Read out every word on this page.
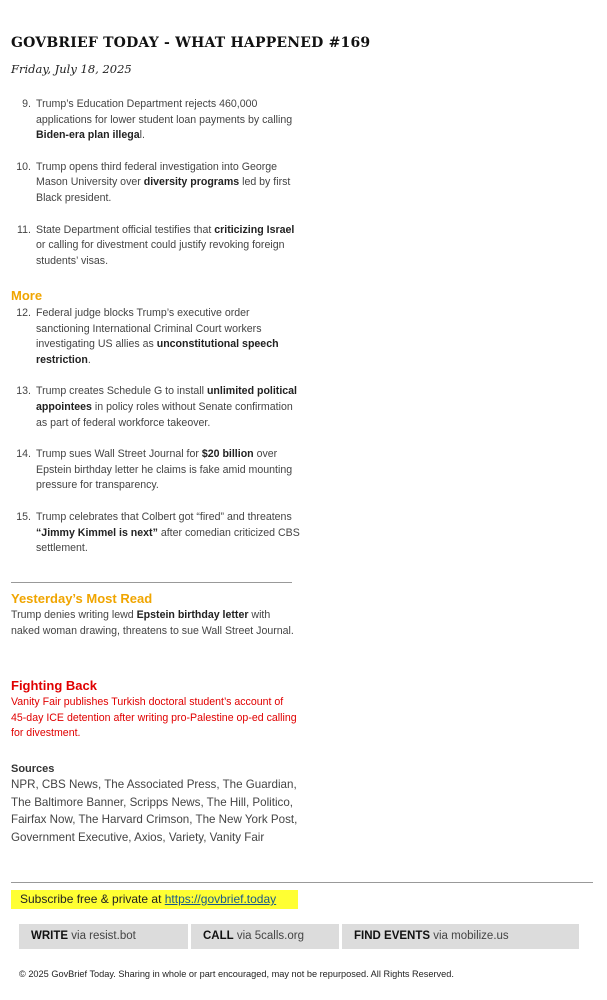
GOVBRIEF TODAY - WHAT HAPPENED #169
Friday, July 18, 2025
9. Trump’s Education Department rejects 460,000 applications for lower student loan payments by calling Biden-era plan illegal.
10. Trump opens third federal investigation into George Mason University over diversity programs led by first Black president.
11. State Department official testifies that criticizing Israel or calling for divestment could justify revoking foreign students’ visas.
More
12. Federal judge blocks Trump’s executive order sanctioning International Criminal Court workers investigating US allies as unconstitutional speech restriction.
13. Trump creates Schedule G to install unlimited political appointees in policy roles without Senate confirmation as part of federal workforce takeover.
14. Trump sues Wall Street Journal for $20 billion over Epstein birthday letter he claims is fake amid mounting pressure for transparency.
15. Trump celebrates that Colbert got “fired” and threatens “Jimmy Kimmel is next” after comedian criticized CBS settlement.
Yesterday’s Most Read
Trump denies writing lewd Epstein birthday letter with naked woman drawing, threatens to sue Wall Street Journal.
Fighting Back
Vanity Fair publishes Turkish doctoral student’s account of 45-day ICE detention after writing pro-Palestine op-ed calling for divestment.
Sources
NPR, CBS News, The Associated Press, The Guardian, The Baltimore Banner, Scripps News, The Hill, Politico, Fairfax Now, The Harvard Crimson, The New York Post, Government Executive, Axios, Variety, Vanity Fair
Subscribe free & private at https://govbrief.today
WRITE via resist.bot	CALL via 5calls.org	FIND EVENTS via mobilize.us
© 2025 GovBrief Today. Sharing in whole or part encouraged, may not be repurposed. All Rights Reserved.
